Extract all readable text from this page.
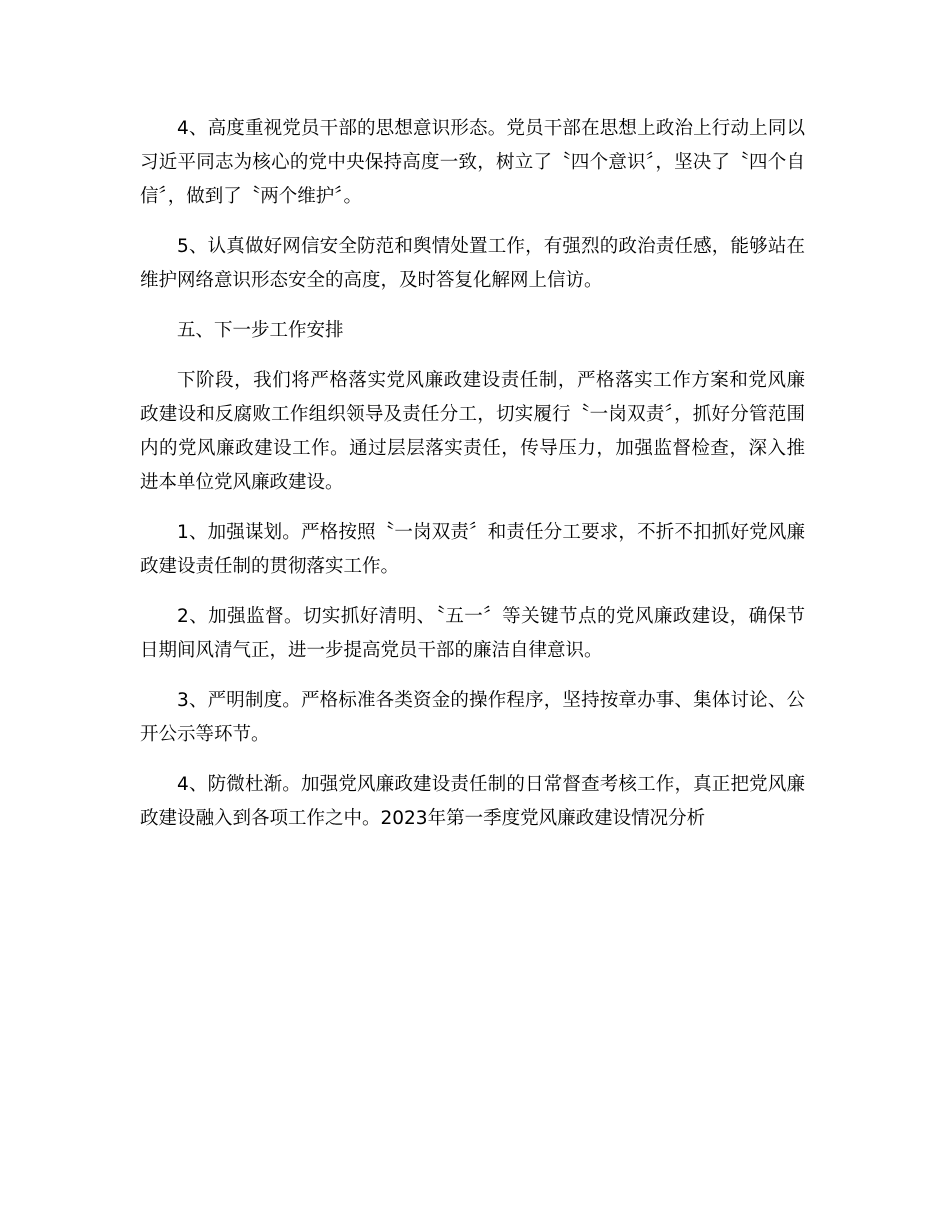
4、高度重视党员干部的思想意识形态。党员干部在思想上政治上行动上同以习近平同志为核心的党中央保持高度一致，树立了〝四个意识〞，坚决了〝四个自信〞，做到了〝两个维护〞。

5、认真做好网信安全防范和舆情处置工作，有强烈的政治责任感，能够站在维护网络意识形态安全的高度，及时答复化解网上信访。

五、下一步工作安排

下阶段，我们将严格落实党风廉政建设责任制，严格落实工作方案和党风廉政建设和反腐败工作组织领导及责任分工，切实履行〝一岗双责〞，抓好分管范围内的党风廉政建设工作。通过层层落实责任，传导压力，加强监督检查，深入推进本单位党风廉政建设。

1、加强谋划。严格按照〝一岗双责〞和责任分工要求，不折不扣抓好党风廉政建设责任制的贯彻落实工作。

2、加强监督。切实抓好清明、〝五一〞等关键节点的党风廉政建设，确保节日期间风清气正，进一步提高党员干部的廉洁自律意识。

3、严明制度。严格标准各类资金的操作程序，坚持按章办事、集体讨论、公开公示等环节。

4、防微杜渐。加强党风廉政建设责任制的日常督查考核工作，真正把党风廉政建设融入到各项工作之中。2023年第一季度党风廉政建设情况分析
